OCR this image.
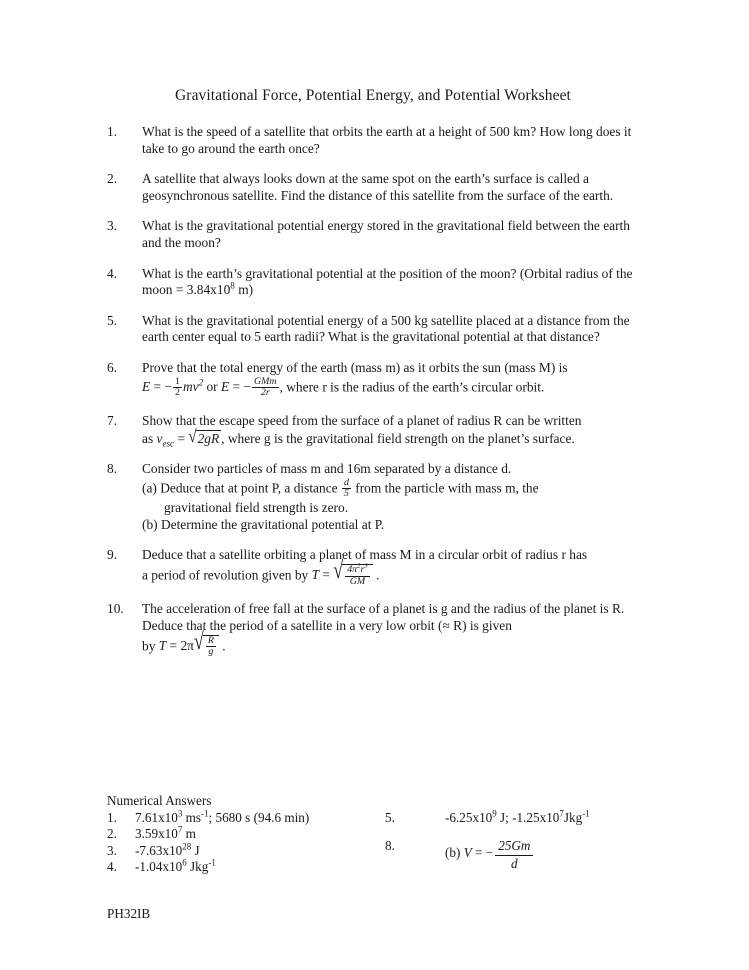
Gravitational Force, Potential Energy, and Potential Worksheet
1.	What is the speed of a satellite that orbits the earth at a height of 500 km? How long does it take to go around the earth once?
2.	A satellite that always looks down at the same spot on the earth’s surface is called a geosynchronous satellite. Find the distance of this satellite from the surface of the earth.
3.	What is the gravitational potential energy stored in the gravitational field between the earth and the moon?
4.	What is the earth’s gravitational potential at the position of the moon? (Orbital radius of the moon = $3.84x10^8$ m)
5.	What is the gravitational potential energy of a 500 kg satellite placed at a distance from the earth center equal to 5 earth radii? What is the gravitational potential at that distance?
6.	Prove that the total energy of the earth (mass m) as it orbits the sun (mass M) is
E = − $\frac{1}{2} mv^2$ or E = − $\frac{\text{GMm}}{2r}$ , where r is the radius of the earth’s circular orbit.
7.	Show that the escape speed from the surface of a planet of radius R can be written
as $v_{esc} = √2gR$ , where g is the gravitational field strength on the planet’s surface.
8.	Consider two particles of mass m and 16m separated by a distance d.
(a) Deduce that at point P, a distance $\frac{d}{5}$ from the particle with mass m, the
gravitational field strength is zero.
(b) Determine the gravitational potential at P.
9.	Deduce that a satellite orbiting a planet of mass M in a circular orbit of radius r has
a period of revolution given by T = √ $\frac{4\pi^2r^3}{GM}$ .
10.	The acceleration of free fall at the surface of a planet is g and the radius of the planet is R. Deduce that the period of a satellite in a very low orbit (≈ R) is given
by $T = 2\pi√ \frac{R}{g}$ .
Numerical Answers
1. $7.61x10^3$ $ms^{-1}$; 5680 s (94.6 min)
2. $3.59x10^7$ m
3. $-7.63x10^{28}$ J
4. $-1.04x10^6$ Jkg$^{-1}$
5.	$-6.25x10^9$ J; $-1.25x10^7Jkg^{-1}$
8.	(b) V = − $\frac{25Gm}{d}$
PH32IB
